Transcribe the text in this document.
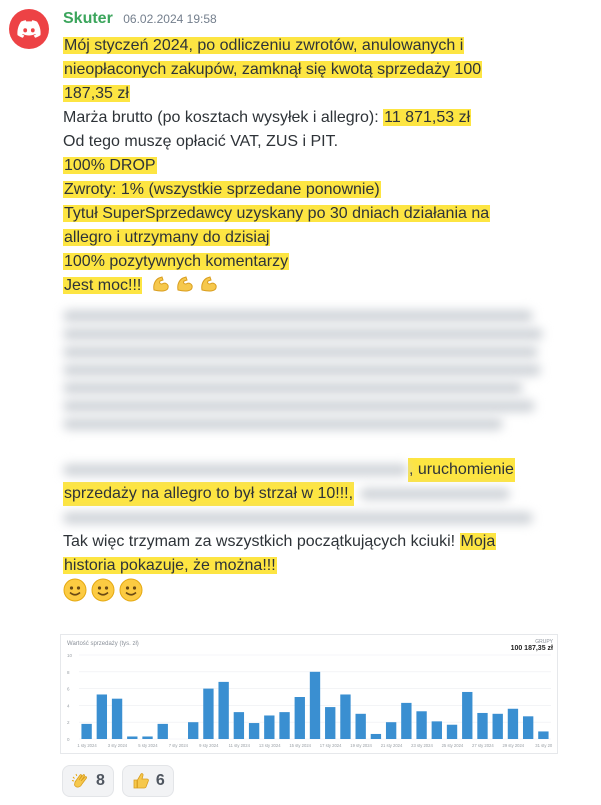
Skuter 06.02.2024 19:58
Mój styczeń 2024, po odliczeniu zwrotów, anulowanych i
nieopłaconych zakupów, zamknął się kwotą sprzedaży 100
187,35 zł
Marża brutto (po kosztach wysyłek i allegro): 11 871,53 zł
Od tego muszę opłacić VAT, ZUS i PIT.
100% DROP
Zwroty: 1% (wszystkie sprzedane ponownie)
Tytuł SuperSprzedawcy uzyskany po 30 dniach działania na
allegro i utrzymany do dzisiaj
100% pozytywnych komentarzy
Jest moc!!!
, uruchomienie
sprzedaży na allegro to był strzał w 10!!!,
Tak więc trzymam za wszystkich początkujących kciuki! Moja
historia pokazuje, że można!!!
Wartość sprzedaży (tys. zł)	GRUPY
100 187,35 zł
10
8
6
4
2
0
1 sty 2024	3 sty 2024	5 sty 2024	7 sty 2024	9 sty 2024 11 sty 2024 13 sty 2024 15 sty 2024 17 sty 2024 19 sty 2024 21 sty 2024 23 sty 2024 25 sty 2024 27 sty 2024 29 sty 2024	31 sty 20
8	6
